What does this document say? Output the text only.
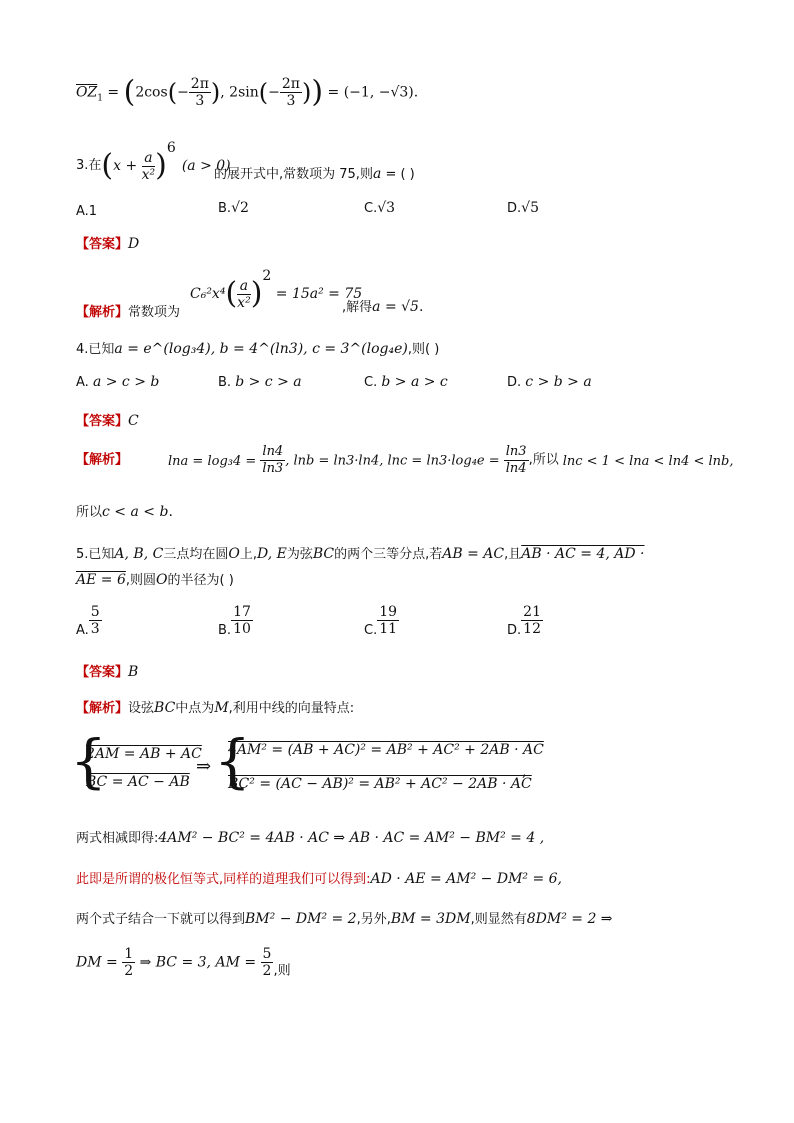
$\overline{OZ}_1 = (2\cos(- \frac{2\pi}{3}$ ), $2\sin(- \frac{2\pi}{3}$ )) = (−1, −√3).
3.在$(x + \frac{a}{\text{x²}} )^6(a > 0)$
的展开式中,常数项为 75,则a = ( )
A.1	B.√2	C.√3	D.√5
【答案】D
$C_6^2x^4( \frac{a}{\text{x²}} )^2 = 15a^2 = 75$
【解析】常数项为	,解得a = √5.
4.已知a = e^(log₃4), b = 4^(ln3), c = 3^(log₄e),则( )
A. a > c > b	B. b > c > a	C. b > a > c	D. c > b > a
【答案】C
【解析】	$\ln a = \log_34 = \frac{\ln 4}{\ln 3}$ , lnb = ln3·ln4, $\ln c = \ln 3\cdot\log_4e = \frac{\ln 3}{\ln 4}$ ,所以 lnc < 1 < lna < ln4 < lnb,
所以c < a < b.
5.已知A, B, C三点均在圆O上,D, E为弦BC的两个三等分点,若AB = AC,且AB · AC = 4, AD ·
AE = 6,则圆O的半径为( )
A. $\frac{5}{3}$	B. $\frac{17}{10}$	C. $\frac{19}{11}$	D. $\frac{21}{12}$
【答案】B
【解析】设弦BC中点为M,利用中线的向量特点:
{
2AM = AB + AC
BC = AC − AB
⇒ {
4AM² = (AB + AC)² = AB² + AC² + 2AB · AC
BC² = (AC − AB)² = AB² + AC² − 2AB · AC
,
两式相减即得:4AM² − BC² = 4AB · AC ⇒ AB · AC = AM² − BM² = 4 ,
此即是所谓的极化恒等式,同样的道理我们可以得到:AD · AE = AM² − DM² = 6,
两个式子结合一下就可以得到BM² − DM² = 2,另外,BM = 3DM,则显然有8DM² = 2 ⇒
DM = $\frac{1}{2}$ ⇒ BC = 3, AM = $\frac{5}{2}$ ,则
